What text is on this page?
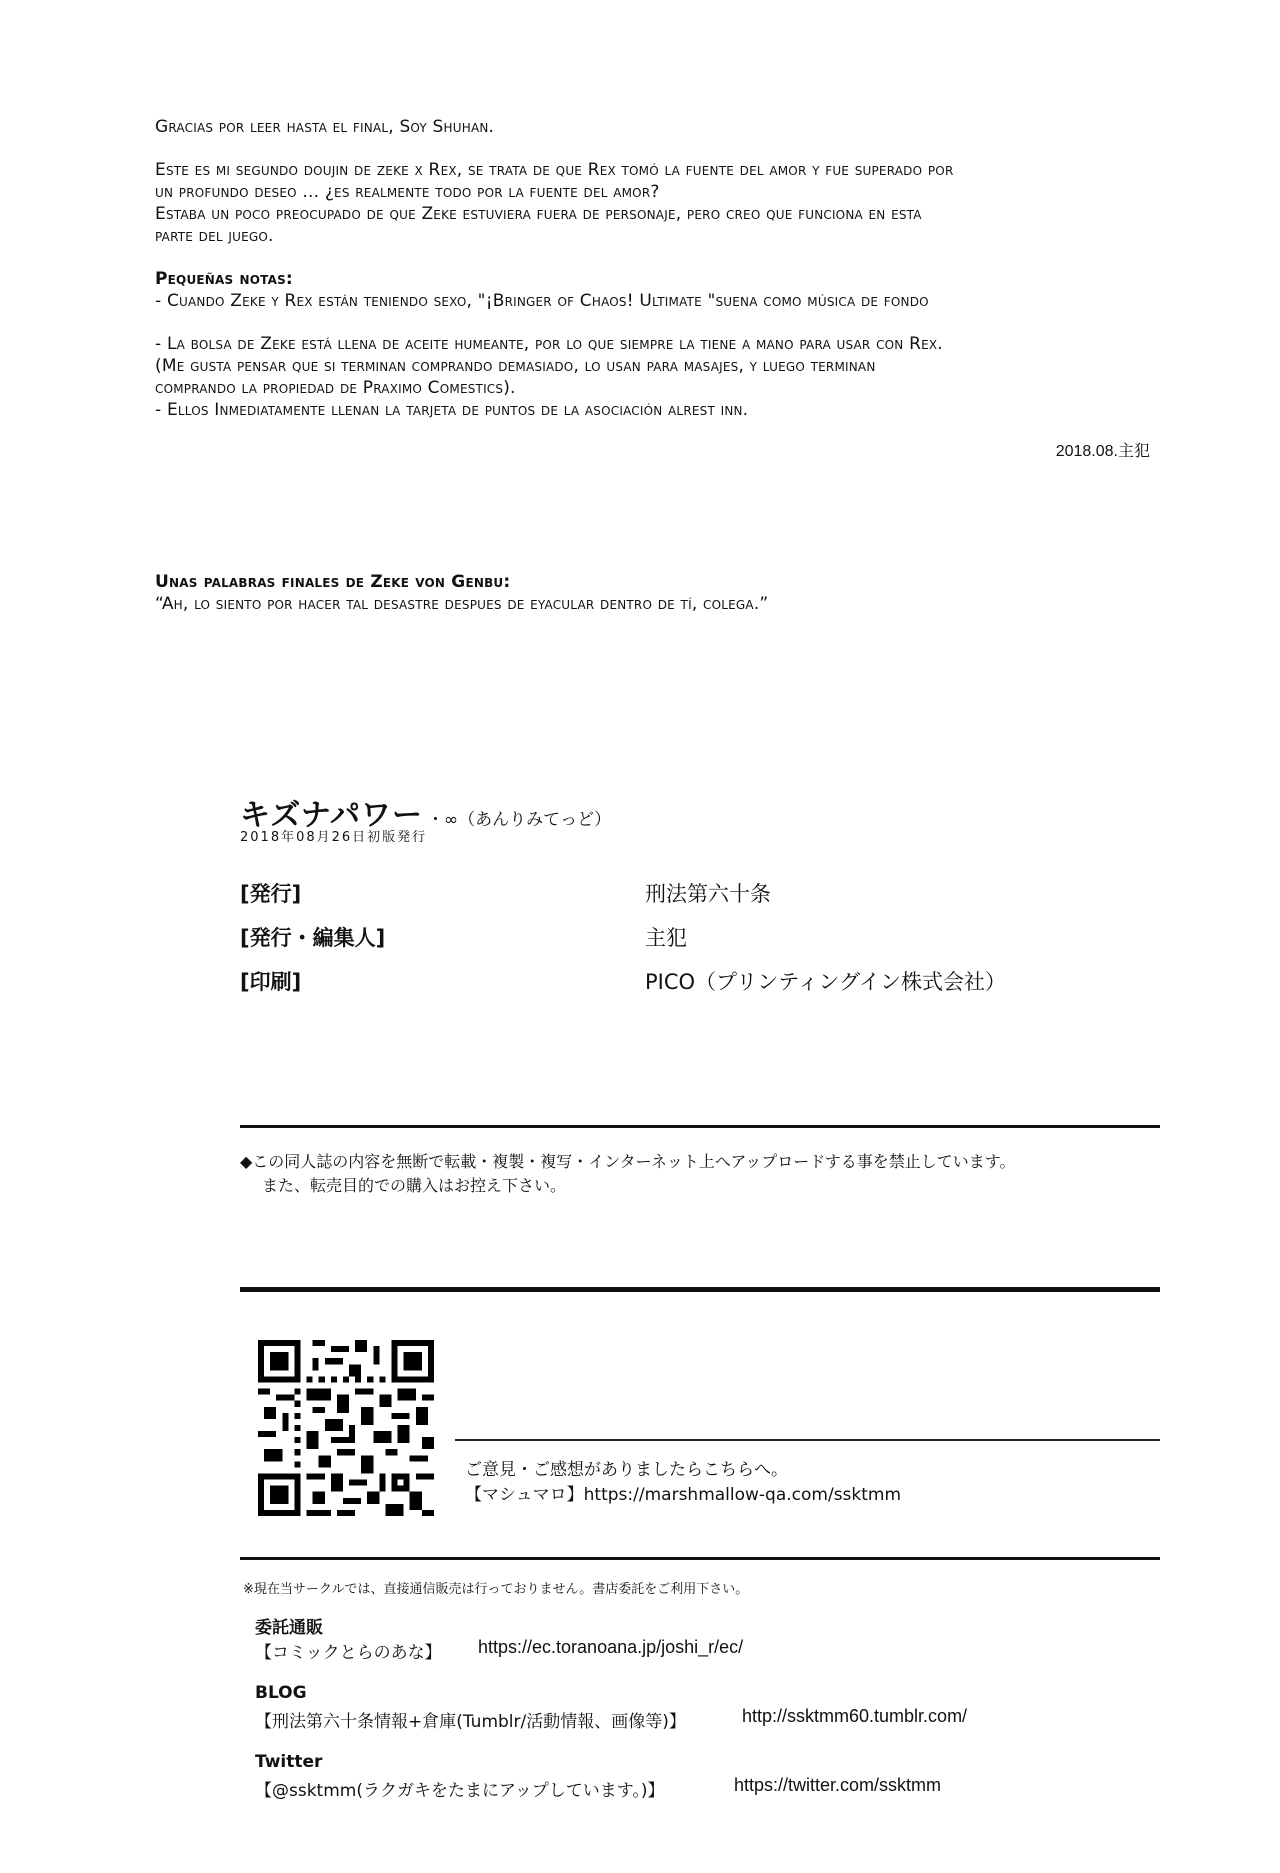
Gracias por leer hasta el final, Soy Shuhan.

Este es mi segundo doujin de zeke x Rex, se trata de que Rex tomó la fuente del amor y fue superado por

un profundo deseo ... ¿es realmente todo por la fuente del amor?

Estaba un poco preocupado de que Zeke estuviera fuera de personaje, pero creo que funciona en esta

parte del juego.

Pequeñas notas:

- Cuando Zeke y Rex están teniendo sexo, "¡Bringer of Chaos! Ultimate "suena como música de fondo

- La bolsa de Zeke está llena de aceite humeante, por lo que siempre la tiene a mano para usar con Rex.

(Me gusta pensar que si terminan comprando demasiado, lo usan para masajes, y luego terminan

comprando la propiedad de Praximo Comestics).

- Ellos Inmediatamente llenan la tarjeta de puntos de la asociación alrest inn.

Unas palabras finales de Zeke von Genbu:

“Ah, lo siento por hacer tal desastre despues de eyacular dentro de tí, colega.”

2018.08.主犯
キズナパワー ・∞（あんりみてっど）
2018年08月26日初版発行
[発行]	刑法第六十条
[発行・編集人]	主犯
[印刷]	PICO（プリンティングイン株式会社）
◆この同人誌の内容を無断で転載・複製・複写・インターネット上へアップロードする事を禁止しています。
また、転売目的での購入はお控え下さい。
ご意見・ご感想がありましたらこちらへ。
【マシュマロ】https://marshmallow-qa.com/ssktmm
※現在当サークルでは、直接通信販売は行っておりません。書店委託をご利用下さい。
委託通販
【コミックとらのあな】 https://ec.toranoana.jp/joshi_r/ec/
BLOG
【刑法第六十条情報+倉庫(Tumblr/活動情報、画像等)】	http://ssktmm60.tumblr.com/
Twitter
【@ssktmm(ラクガキをたまにアップしています。)】	https://twitter.com/ssktmm
